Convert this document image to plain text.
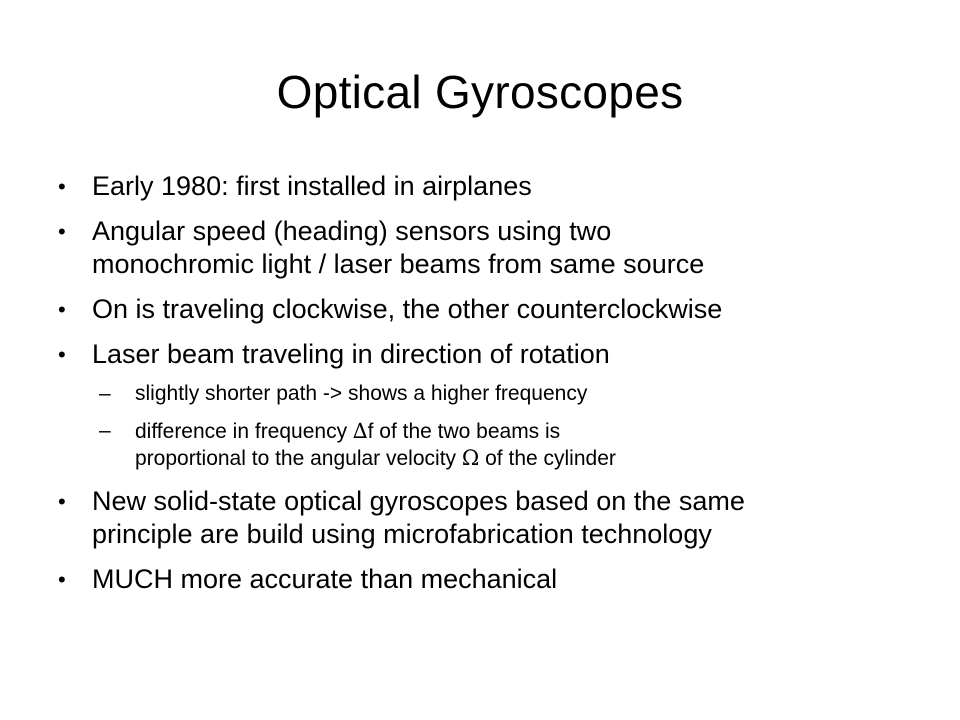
Optical Gyroscopes
• Early 1980: first installed in airplanes
• Angular speed (heading) sensors using two
monochromic light / laser beams from same source
• On is traveling clockwise, the other counterclockwise
• Laser beam traveling in direction of rotation
– slightly shorter path -> shows a higher frequency
– difference in frequency ∆f of the two beams is
proportional to the angular velocity Ω of the cylinder
• New solid-state optical gyroscopes based on the same
principle are build using microfabrication technology
• MUCH more accurate than mechanical
